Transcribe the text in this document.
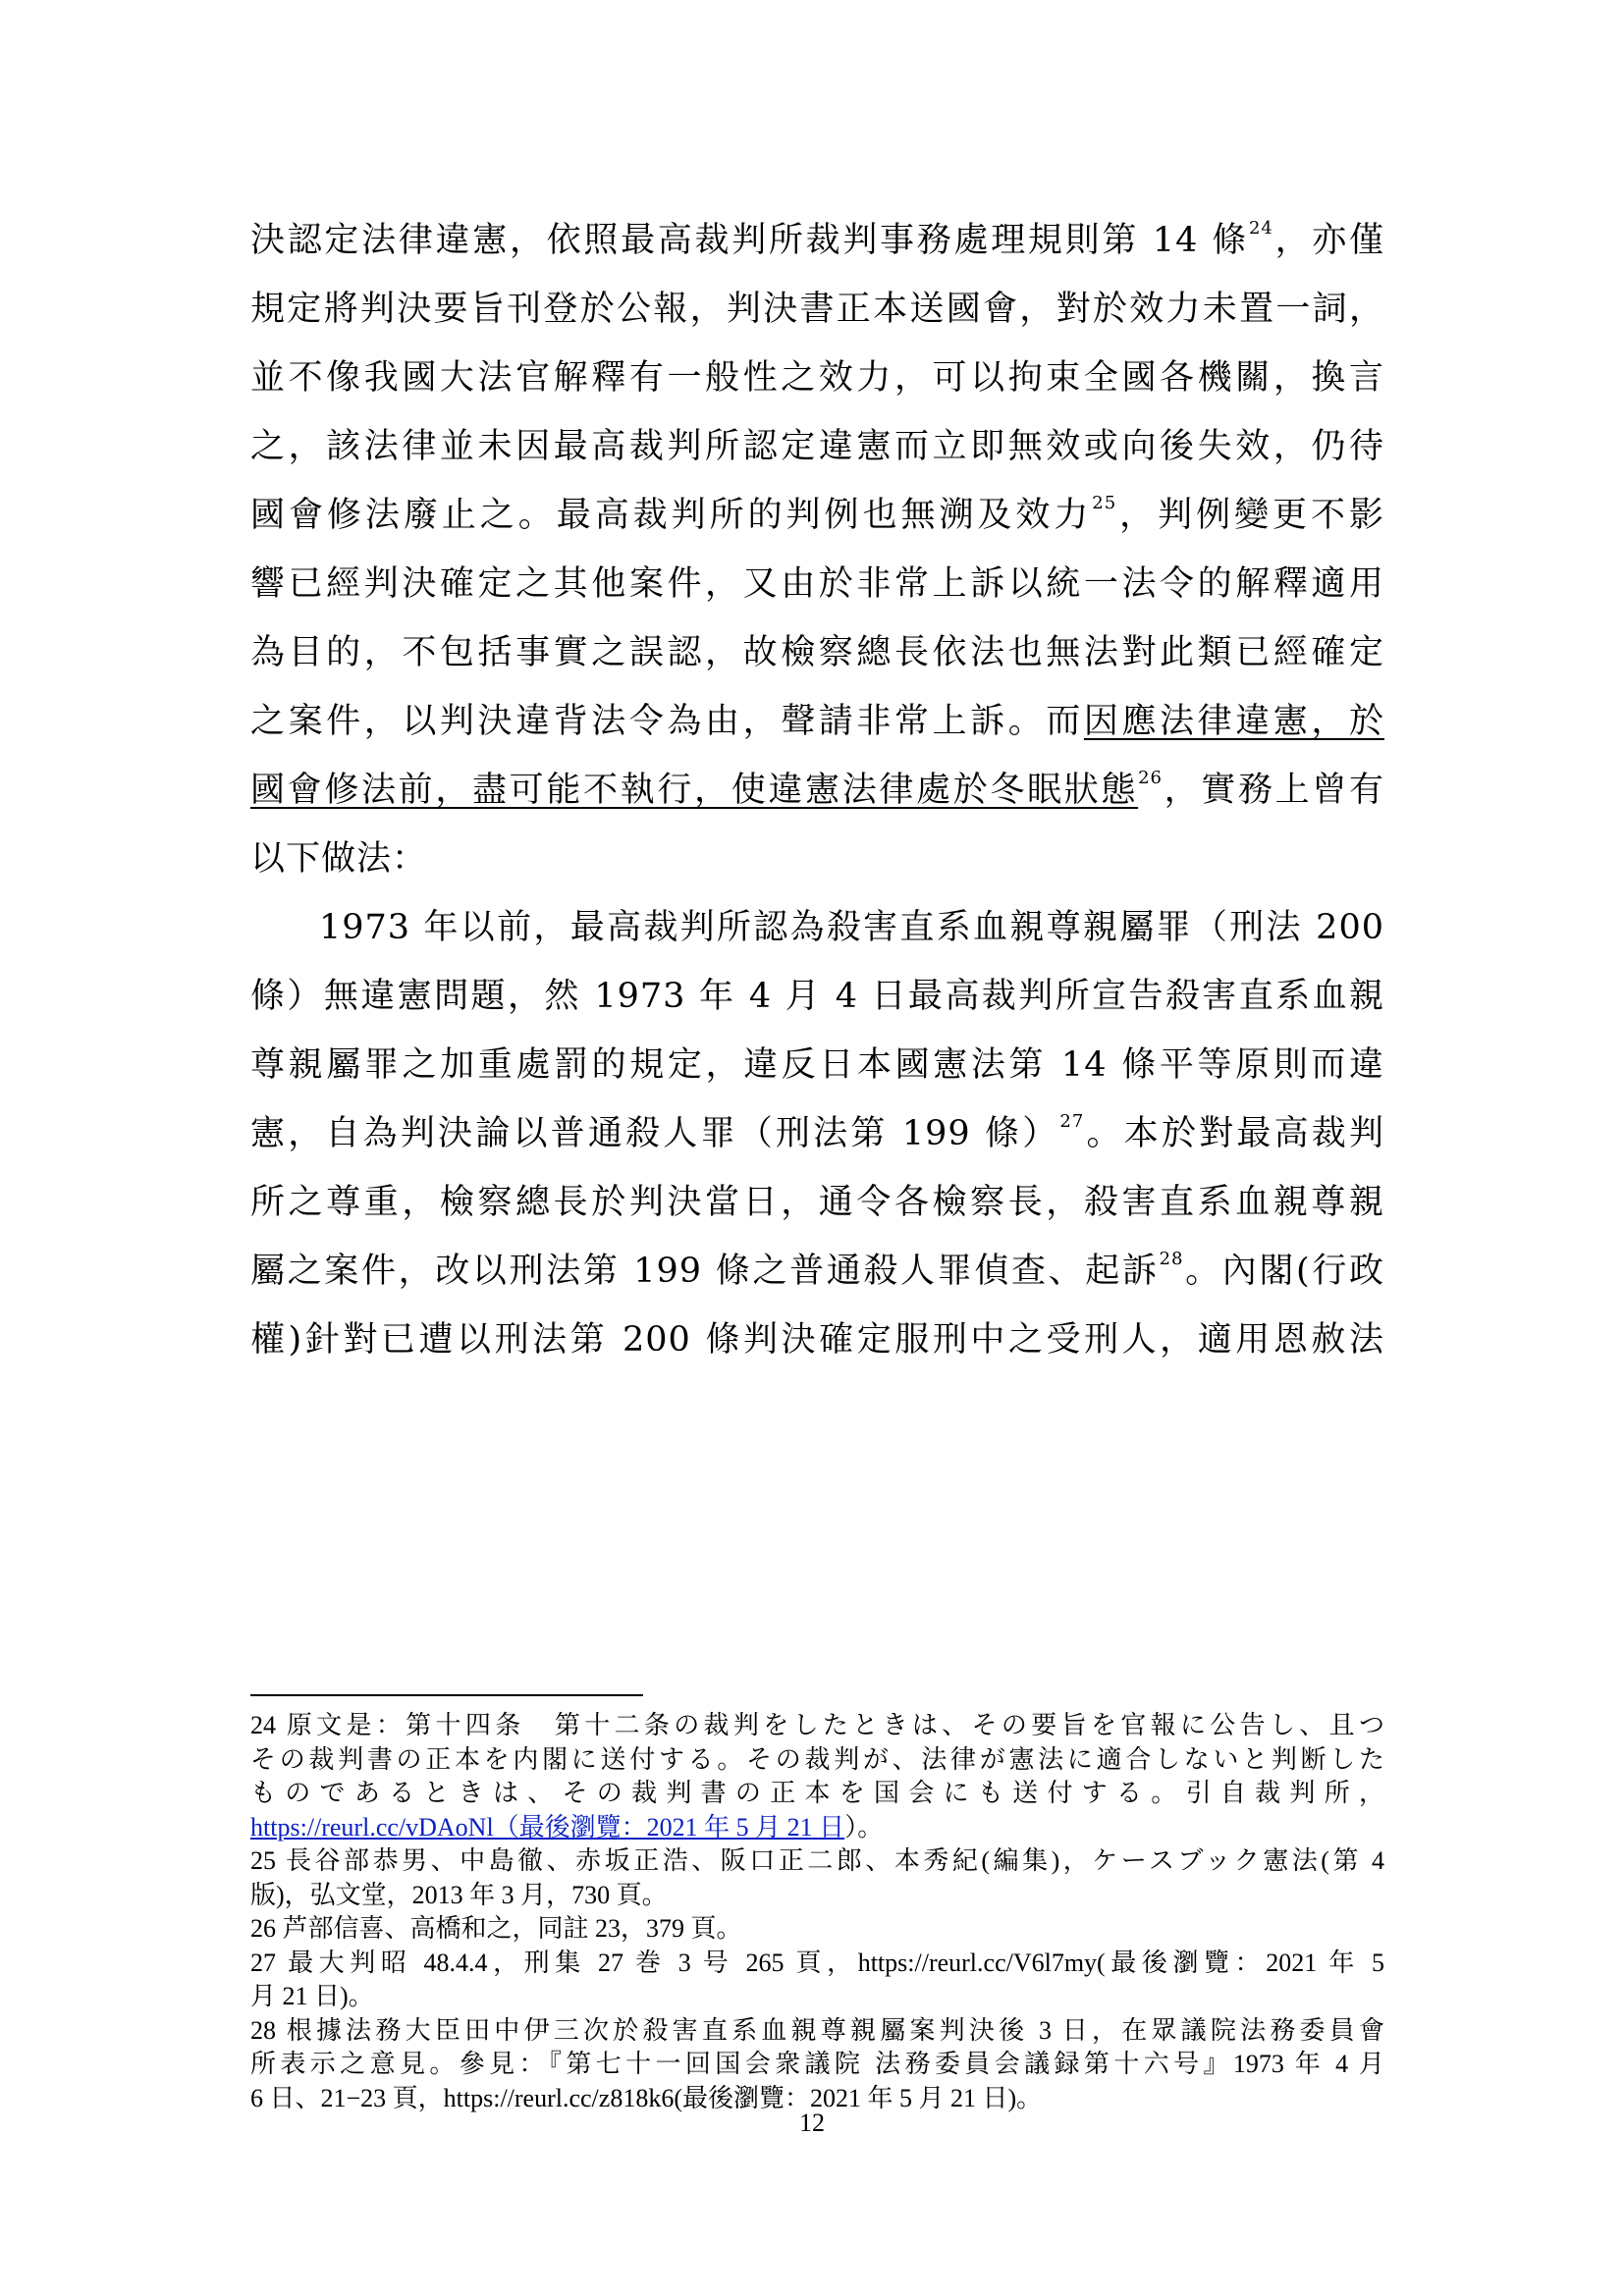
決認定法律違憲，依照最高裁判所裁判事務處理規則第 14 條$^{24}$，亦僅
規定將判決要旨刊登於公報，判決書正本送國會，對於效力未置一詞，
並不像我國大法官解釋有一般性之效力，可以拘束全國各機關，換言
之，該法律並未因最高裁判所認定違憲而立即無效或向後失效，仍待
國會修法廢止之。最高裁判所的判例也無溯及效力$^{25}$，判例變更不影
響已經判決確定之其他案件，又由於非常上訴以統一法令的解釋適用
為目的，不包括事實之誤認，故檢察總長依法也無法對此類已經確定
之案件，以判決違背法令為由，聲請非常上訴。而因應法律違憲，於
國會修法前，盡可能不執行，使違憲法律處於冬眠狀態$^{26}$，實務上曾有
以下做法：
1973 年以前，最高裁判所認為殺害直系血親尊親屬罪（刑法 200
條）無違憲問題，然 1973 年 4 月 4 日最高裁判所宣告殺害直系血親
尊親屬罪之加重處罰的規定，違反日本國憲法第 14 條平等原則而違
憲，自為判決論以普通殺人罪（刑法第 199 條）$^{27}$。本於對最高裁判
所之尊重，檢察總長於判決當日，通令各檢察長，殺害直系血親尊親
屬之案件，改以刑法第 199 條之普通殺人罪偵查、起訴$^{28}$。內閣(行政
權)針對已遭以刑法第 200 條判決確定服刑中之受刑人，適用恩赦法
24 原文是：第十四条　第十二条の裁判をしたときは、その要旨を官報に公告し、且つ
その裁判書の正本を内閣に送付する。その裁判が、法律が憲法に適合しないと判断した
ものであるときは、その裁判書の正本を国会にも送付する。引自裁判所，
https://reurl.cc/vDAoNl（最後瀏覽：2021 年 5 月 21 日）。
25 長谷部恭男、中島徹、赤坂正浩、阪口正二郎、本秀紀(編集)，ケースブック憲法(第 4
版)，弘文堂，2013 年 3 月，730 頁。
26 芦部信喜、高橋和之，同註 23，379 頁。
27 最大判昭 48.4.4，刑集 27 巻 3 号 265 頁，https://reurl.cc/V6l7my(最後瀏覽：2021 年 5
月 21 日)。
28 根據法務大臣田中伊三次於殺害直系血親尊親屬案判決後 3 日，在眾議院法務委員會
所表示之意見。參見：『第七十一回国会衆議院 法務委員会議録第十六号』1973 年 4 月
6 日、21−23 頁，https://reurl.cc/z818k6(最後瀏覽：2021 年 5 月 21 日)。
12
